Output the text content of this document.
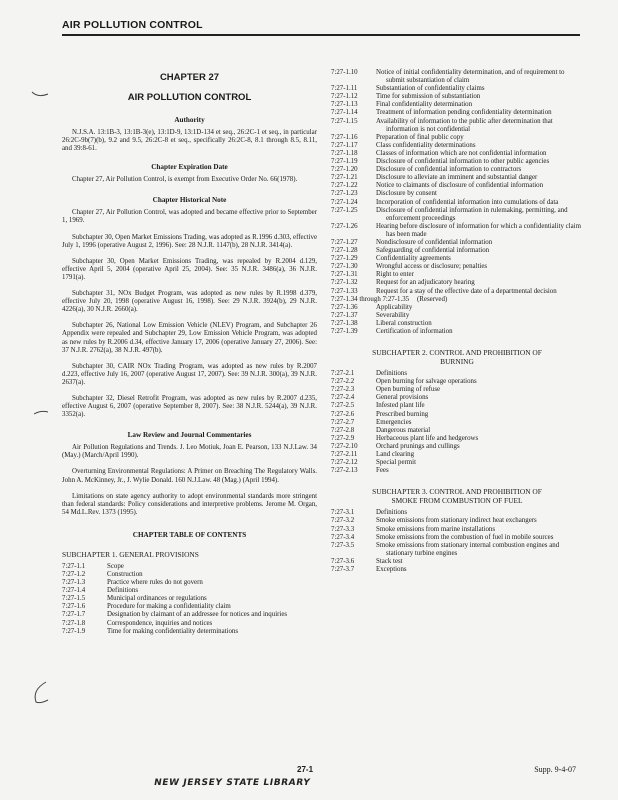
AIR POLLUTION CONTROL
CHAPTER 27
AIR POLLUTION CONTROL
Authority

N.J.S.A. 13:1B-3, 13:1B-3(e), 13:1D-9, 13:1D-134 et seq., 26:2C-1 et seq., in particular 26:2C-9b(7)(b), 9.2 and 9.5, 26:2C-8 et seq., specifically 26:2C-8, 8.1 through 8.5, 8.11, and 39:8-61.

Chapter Expiration Date

Chapter 27, Air Pollution Control, is exempt from Executive Order No. 66(1978).

Chapter Historical Note

Chapter 27, Air Pollution Control, was adopted and became effective prior to September 1, 1969.

Subchapter 30, Open Market Emissions Trading, was adopted as R.1996 d.303, effective July 1, 1996 (operative August 2, 1996). See: 28 N.J.R. 1147(b), 28 N.J.R. 3414(a).

Subchapter 30, Open Market Emissions Trading, was repealed by R.2004 d.129, effective April 5, 2004 (operative April 25, 2004). See: 35 N.J.R. 3486(a), 36 N.J.R. 1791(a).

Subchapter 31, NOx Budget Program, was adopted as new rules by R.1998 d.379, effective July 20, 1998 (operative August 16, 1998). See: 29 N.J.R. 3924(b), 29 N.J.R. 4226(a), 30 N.J.R. 2660(a).

Subchapter 26, National Low Emission Vehicle (NLEV) Program, and Subchapter 26 Appendix were repealed and Subchapter 29, Low Emission Vehicle Program, was adopted as new rules by R.2006 d.34, effective January 17, 2006 (operative January 27, 2006). See: 37 N.J.R. 2762(a), 38 N.J.R. 497(b).

Subchapter 30, CAIR NOx Trading Program, was adopted as new rules by R.2007 d.223, effective July 16, 2007 (operative August 17, 2007). See: 39 N.J.R. 300(a), 39 N.J.R. 2637(a).

Subchapter 32, Diesel Retrofit Program, was adopted as new rules by R.2007 d.235, effective August 6, 2007 (operative September 8, 2007). See: 38 N.J.R. 5244(a), 39 N.J.R. 3352(a).

Law Review and Journal Commentaries

Air Pollution Regulations and Trends. J. Leo Motiuk, Joan E. Pearson, 133 N.J.Law. 34 (May.) (March/April 1990).

Overturning Environmental Regulations: A Primer on Breaching The Regulatory Walls. John A. McKinney, Jr., J. Wylie Donald. 160 N.J.Law. 48 (Mag.) (April 1994).

Limitations on state agency authority to adopt environmental standards more stringent than federal standards: Policy considerations and interpretive problems. Jerome M. Organ, 54 Md.L.Rev. 1373 (1995).

CHAPTER TABLE OF CONTENTS
SUBCHAPTER 1. GENERAL PROVISIONS
7:27-1.1	Scope
7:27-1.2	Construction
7:27-1.3	Practice where rules do not govern
7:27-1.4	Definitions
7:27-1.5	Municipal ordinances or regulations
7:27-1.6	Procedure for making a confidentiality claim
7:27-1.7	Designation by claimant of an addressee for notices and inquiries
7:27-1.8	Correspondence, inquiries and notices
7:27-1.9	Time for making confidentiality determinations
7:27-1.10	Notice of initial confidentiality determination, and of requirement to submit substantiation of claim
7:27-1.11	Substantiation of confidentiality claims
7:27-1.12	Time for submission of substantiation
7:27-1.13	Final confidentiality determination
7:27-1.14	Treatment of information pending confidentiality determination
7:27-1.15	Availability of information to the public after determination that information is not confidential
7:27-1.16	Preparation of final public copy
7:27-1.17	Class confidentiality determinations
7:27-1.18	Classes of information which are not confidential information
7:27-1.19	Disclosure of confidential information to other public agencies
7:27-1.20	Disclosure of confidential information to contractors
7:27-1.21	Disclosure to alleviate an imminent and substantial danger
7:27-1.22	Notice to claimants of disclosure of confidential information
7:27-1.23	Disclosure by consent
7:27-1.24	Incorporation of confidential information into cumulations of data
7:27-1.25	Disclosure of confidential information in rulemaking, permitting, and enforcement proceedings
7:27-1.26	Hearing before disclosure of information for which a confidentiality claim has been made
7:27-1.27	Nondisclosure of confidential information
7:27-1.28	Safeguarding of confidential information
7:27-1.29	Confidentiality agreements
7:27-1.30	Wrongful access or disclosure; penalties
7:27-1.31	Right to enter
7:27-1.32	Request for an adjudicatory hearing
7:27-1.33	Request for a stay of the effective date of a departmental decision
7:27-1.34 through 7:27-1.35	(Reserved)
7:27-1.36	Applicability
7:27-1.37	Severability
7:27-1.38	Liberal construction
7:27-1.39	Certification of information
SUBCHAPTER 2. CONTROL AND PROHIBITION OF
BURNING
7:27-2.1	Definitions
7:27-2.2	Open burning for salvage operations
7:27-2.3	Open burning of refuse
7:27-2.4	General provisions
7:27-2.5	Infested plant life
7:27-2.6	Prescribed burning
7:27-2.7	Emergencies
7:27-2.8	Dangerous material
7:27-2.9	Herbaceous plant life and hedgerows
7:27-2.10	Orchard prunings and cullings
7:27-2.11	Land clearing
7:27-2.12	Special permit
7:27-2.13	Fees
SUBCHAPTER 3. CONTROL AND PROHIBITION OF
SMOKE FROM COMBUSTION OF FUEL
7:27-3.1	Definitions
7:27-3.2	Smoke emissions from stationary indirect heat exchangers
7:27-3.3	Smoke emissions from marine installations
7:27-3.4	Smoke emissions from the combustion of fuel in mobile sources
7:27-3.5	Smoke emissions from stationary internal combustion engines and stationary turbine engines
7:27-3.6	Stack test
7:27-3.7	Exceptions
27-1	Supp. 9-4-07
NEW JERSEY STATE LIBRARY
